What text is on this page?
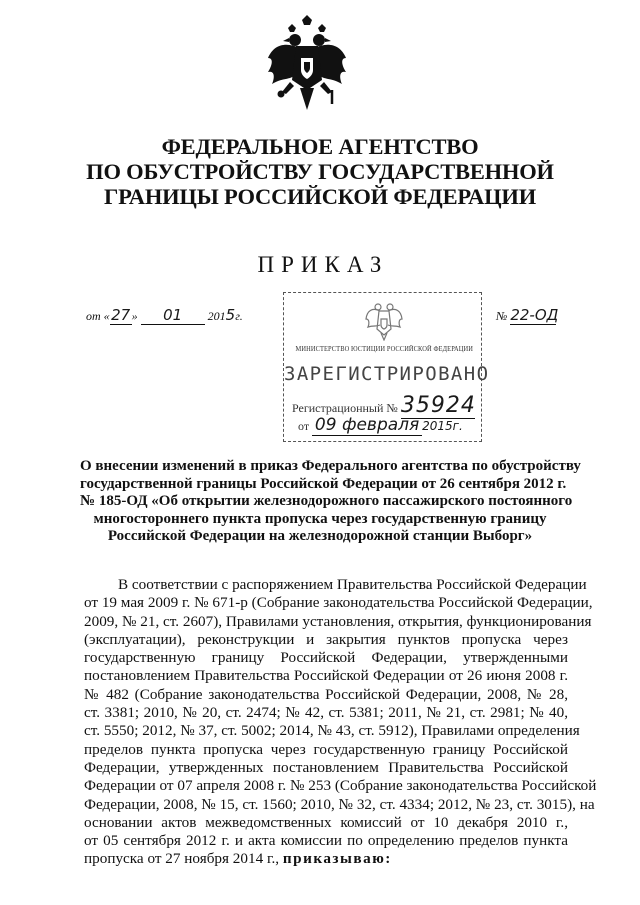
ФЕДЕРАЛЬНОЕ АГЕНТСТВО
ПО ОБУСТРОЙСТВУ ГОСУДАРСТВЕННОЙ
ГРАНИЦЫ РОССИЙСКОЙ ФЕДЕРАЦИИ
ПРИКАЗ
от «27» 01 2015г.	№ 22-ОД
МИНИСТЕРСТВО ЮСТИЦИИ РОССИЙСКОЙ ФЕДЕРАЦИИ
ЗАРЕГИСТРИРОВАНО
Регистрационный № 35924
от 09 февраля 2015г.
О внесении изменений в приказ Федерального агентства по обустройству
государственной границы Российской Федерации от 26 сентября 2012 г.
№ 185-ОД «Об открытии железнодорожного пассажирского постоянного
многостороннего пункта пропуска через государственную границу
Российской Федерации на железнодорожной станции Выборг»
В соответствии с распоряжением Правительства Российской Федерации
от 19 мая 2009 г. № 671-р (Собрание законодательства Российской Федерации,
2009, № 21, ст. 2607), Правилами установления, открытия, функционирования
(эксплуатации), реконструкции и закрытия пунктов пропуска через
государственную границу Российской Федерации, утвержденными
постановлением Правительства Российской Федерации от 26 июня 2008 г.
№ 482 (Собрание законодательства Российской Федерации, 2008, № 28,
ст. 3381; 2010, № 20, ст. 2474; № 42, ст. 5381; 2011, № 21, ст. 2981; № 40,
ст. 5550; 2012, № 37, ст. 5002; 2014, № 43, ст. 5912), Правилами определения
пределов пункта пропуска через государственную границу Российской
Федерации, утвержденных постановлением Правительства Российской
Федерации от 07 апреля 2008 г. № 253 (Собрание законодательства Российской
Федерации, 2008, № 15, ст. 1560; 2010, № 32, ст. 4334; 2012, № 23, ст. 3015), на
основании актов межведомственных комиссий от 10 декабря 2010 г.,
от 05 сентября 2012 г. и акта комиссии по определению пределов пункта
пропуска от 27 ноября 2014 г., приказываю:
